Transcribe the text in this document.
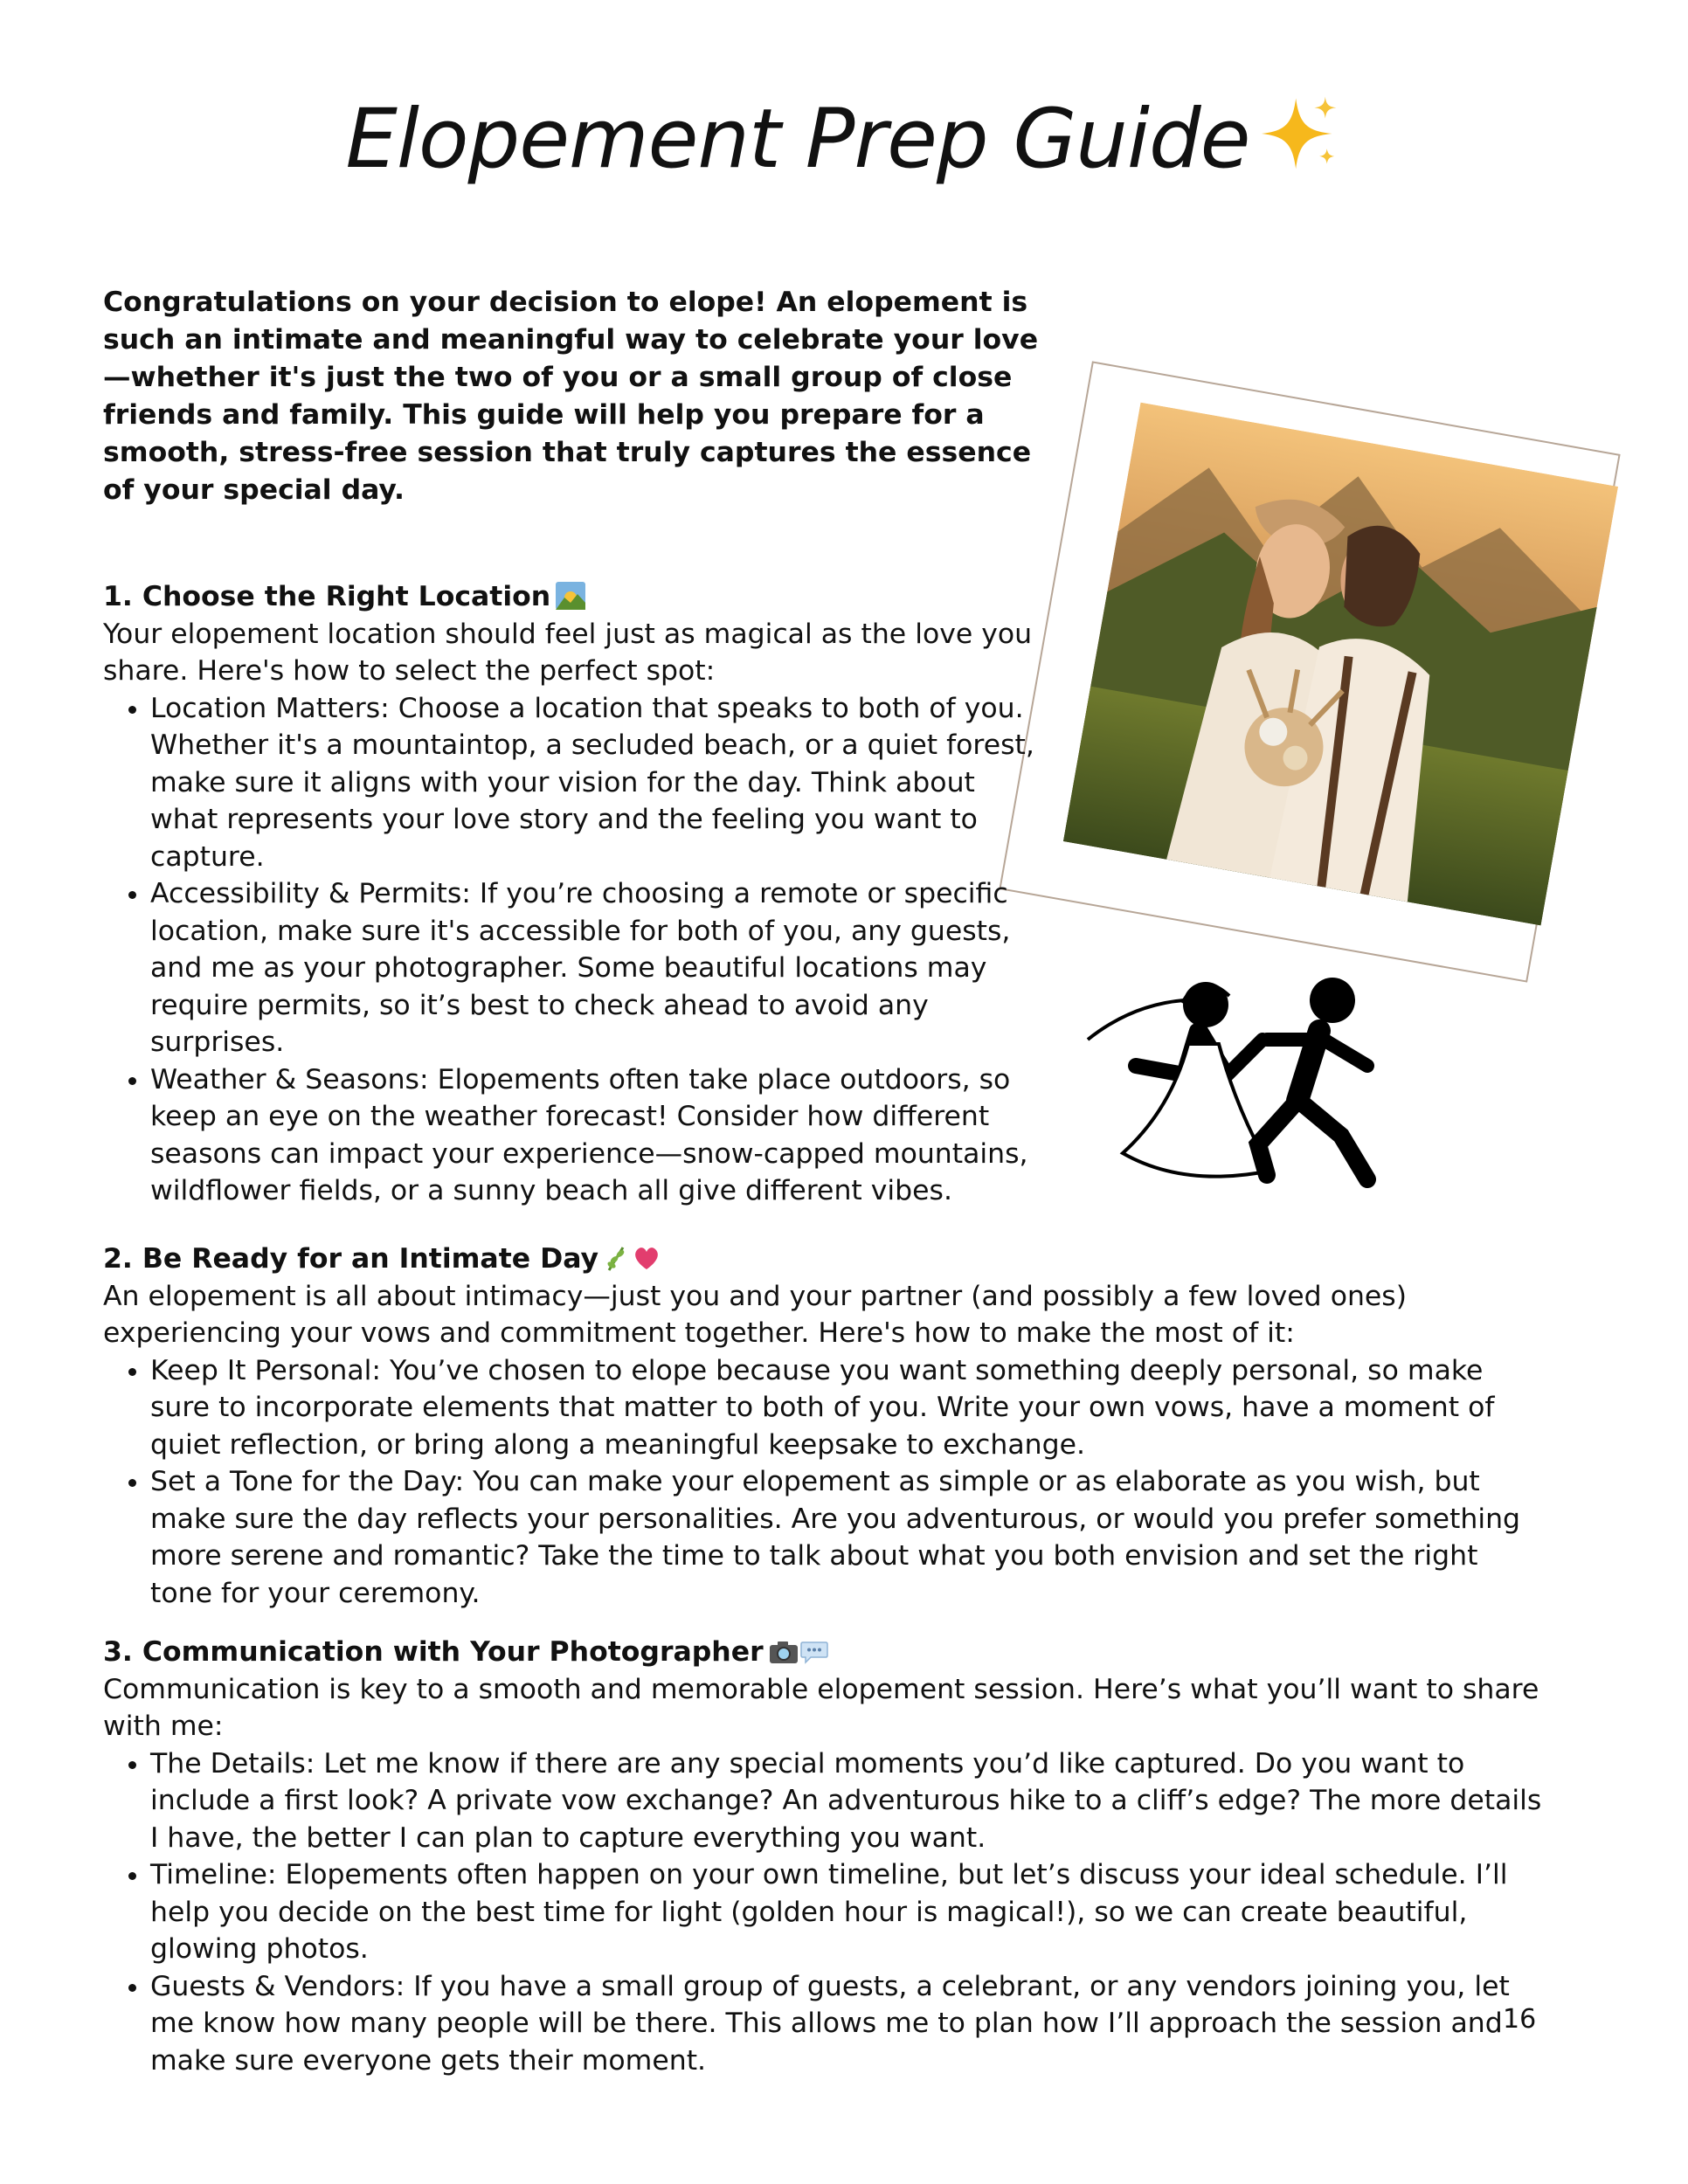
Elopement Prep Guide
Congratulations on your decision to elope! An elopement is such an intimate and meaningful way to celebrate your love—whether it's just the two of you or a small group of close friends and family. This guide will help you prepare for a smooth, stress-free session that truly captures the essence of your special day.
1. Choose the Right Location

Your elopement location should feel just as magical as the love you share. Here's how to select the perfect spot:

• Location Matters: Choose a location that speaks to both of you. Whether it's a mountaintop, a secluded beach, or a quiet forest, make sure it aligns with your vision for the day. Think about what represents your love story and the feeling you want to capture.
• Accessibility & Permits: If you’re choosing a remote or specific location, make sure it's accessible for both of you, any guests, and me as your photographer. Some beautiful locations may require permits, so it’s best to check ahead to avoid any surprises.
• Weather & Seasons: Elopements often take place outdoors, so keep an eye on the weather forecast! Consider how different seasons can impact your experience—snow-capped mountains, wildflower fields, or a sunny beach all give different vibes.
2. Be Ready for an Intimate Day

An elopement is all about intimacy—just you and your partner (and possibly a few loved ones) experiencing your vows and commitment together. Here's how to make the most of it:

• Keep It Personal: You’ve chosen to elope because you want something deeply personal, so make sure to incorporate elements that matter to both of you. Write your own vows, have a moment of quiet reflection, or bring along a meaningful keepsake to exchange.
• Set a Tone for the Day: You can make your elopement as simple or as elaborate as you wish, but make sure the day reflects your personalities. Are you adventurous, or would you prefer something more serene and romantic? Take the time to talk about what you both envision and set the right tone for your ceremony.
3. Communication with Your Photographer

Communication is key to a smooth and memorable elopement session. Here’s what you’ll want to share with me:

• The Details: Let me know if there are any special moments you’d like captured. Do you want to include a first look? A private vow exchange? An adventurous hike to a cliff’s edge? The more details I have, the better I can plan to capture everything you want.
• Timeline: Elopements often happen on your own timeline, but let’s discuss your ideal schedule. I’ll help you decide on the best time for light (golden hour is magical!), so we can create beautiful, glowing photos.
• Guests & Vendors: If you have a small group of guests, a celebrant, or any vendors joining you, let me know how many people will be there. This allows me to plan how I’ll approach the session and make sure everyone gets their moment.
16
